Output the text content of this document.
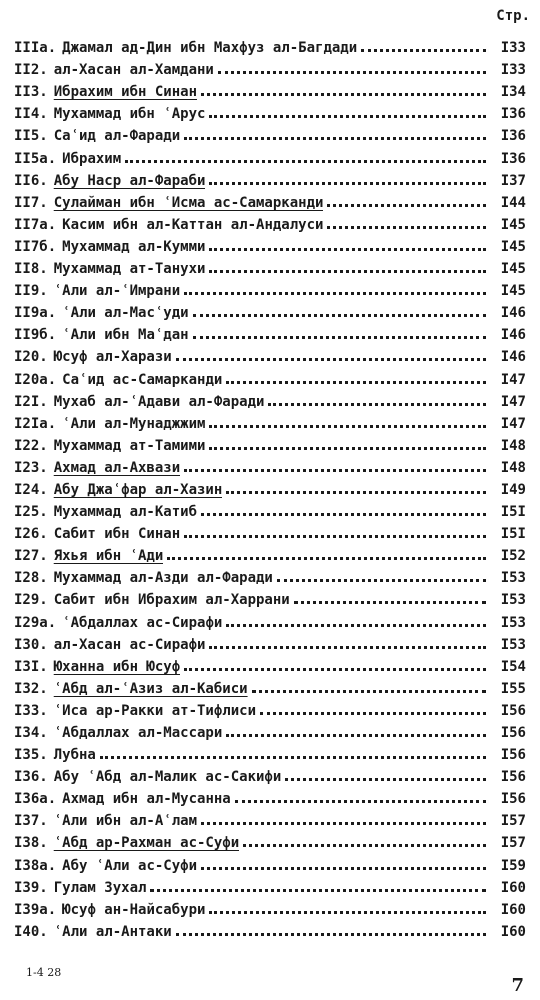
Стр.
IIIа. Джамал ад-Дин ибн Махфуз ал-Багдади	I33
II2. ал-Хасан ал-Хамдани	I33
II3. Ибрахим ибн Синан	I34
II4. Мухаммад ибн ʿАрус	I36
II5. Саʿид ал-Фаради	I36
II5а. Ибрахим	I36
II6. Абу Наср ал-Фараби	I37
II7. Сулайман ибн ʿИсма ас-Самарканди	I44
II7а. Касим ибн ал-Каттан ал-Андалуси	I45
II7б. Мухаммад ал-Кумми	I45
II8. Мухаммад ат-Танухи	I45
II9. ʿАли ал-ʿИмрани	I45
II9а. ʿАли ал-Масʿуди	I46
II9б. ʿАли ибн Маʿдан	I46
I20. Юсуф ал-Харази	I46
I20а. Саʿид ас-Самарканди	I47
I2I. Мухаб ал-ʿАдави ал-Фаради	I47
I2Iа. ʿАли ал-Мунаджжим	I47
I22. Мухаммад ат-Тамими	I48
I23. Ахмад ал-Ахвази	I48
I24. Абу Джаʿфар ал-Хазин	I49
I25. Мухаммад ал-Катиб	I5I
I26. Сабит ибн Синан	I5I
I27. Яхья ибн ʿАди	I52
I28. Мухаммад ал-Азди ал-Фаради	I53
I29. Сабит ибн Ибрахим ал-Харрани	I53
I29а. ʿАбдаллах ас-Сирафи	I53
I30. ал-Хасан ас-Сирафи	I53
I3I. Юханна ибн Юсуф	I54
I32. ʿАбд ал-ʿАзиз ал-Кабиси	I55
I33. ʿИса ар-Ракки ат-Тифлиси	I56
I34. ʿАбдаллах ал-Массари	I56
I35. Лубна	I56
I36. Абу ʿАбд ал-Малик ас-Сакифи	I56
I36а. Ахмад ибн ал-Мусанна	I56
I37. ʿАли ибн ал-Аʿлам	I57
I38. ʿАбд ар-Рахман ас-Суфи	I57
I38а. Абу ʿАли ас-Суфи	I59
I39. Гулам Зухал	I60
I39а. Юсуф ан-Найсабури	I60
I40. ʿАли ал-Антаки	I60
1-4 28
7
